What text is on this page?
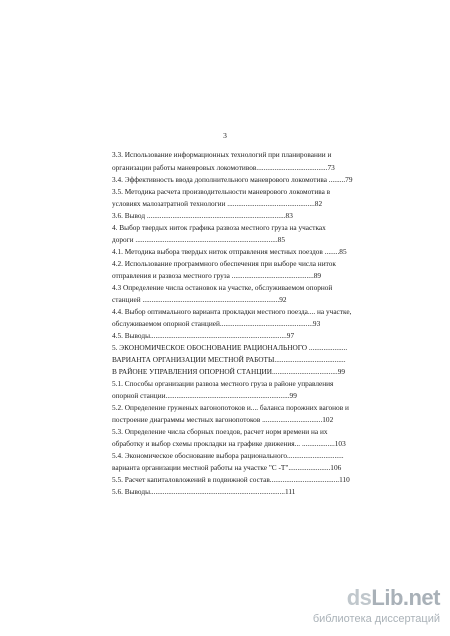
3
3.3. Использование информационных технологий при планировании и
организации работы маневровых локомотивов.......................................73
3.4. Эффективность ввода дополнительного маневрового локомотива .........79
3.5. Методика расчета производительности маневрового локомотива в
условиях малозатратной технологии ................................................82
3.6. Вывод ............................................................................83
4. Выбор твердых ниток графика развоза местного груза на участках
дороги ..............................................................................85
4.1. Методика выбора твердых ниток отправления местных поездов ........85
4.2. Использование программного обеспечения при выборе числа ниток
отправления и развоза местного груза .............................................89
4.3 Определение числа остановок на участке, обслуживаемом опорной
станцией ...........................................................................92
4.4. Выбор оптимального варианта прокладки местного поезда.... на участке,
обслуживаемом опорной станцией...................................................93
4.5. Выводы...........................................................................97
5. ЭКОНОМИЧЕСКОЕ ОБОСНОВАНИЕ РАЦИОНАЛЬНОГО .....................
ВАРИАНТА ОРГАНИЗАЦИИ МЕСТНОЙ РАБОТЫ.......................................
В РАЙОНЕ УПРАВЛЕНИЯ ОПОРНОЙ СТАНЦИИ....................................99
5.1. Способы организации развоза местного груза в районе управления
опорной станции....................................................................99
5.2. Определение груженых вагонопотоков и.... баланса порожних вагонов и
построение диаграммы местных вагонопотоков .................................102
5.3. Определение числа сборных поездов, расчет норм времени на их
обработку и выбор схемы прокладки на графике движения... ..................103
5.4. Экономическое обоснование выбора рационального...............................
варианта организации местной работы на участке "С -Т".......................106
5.5. Расчет капиталовложений в подвижной состав......................................110
5.6. Выводы..........................................................................111
dsLib.net
библиотека диссертаций
